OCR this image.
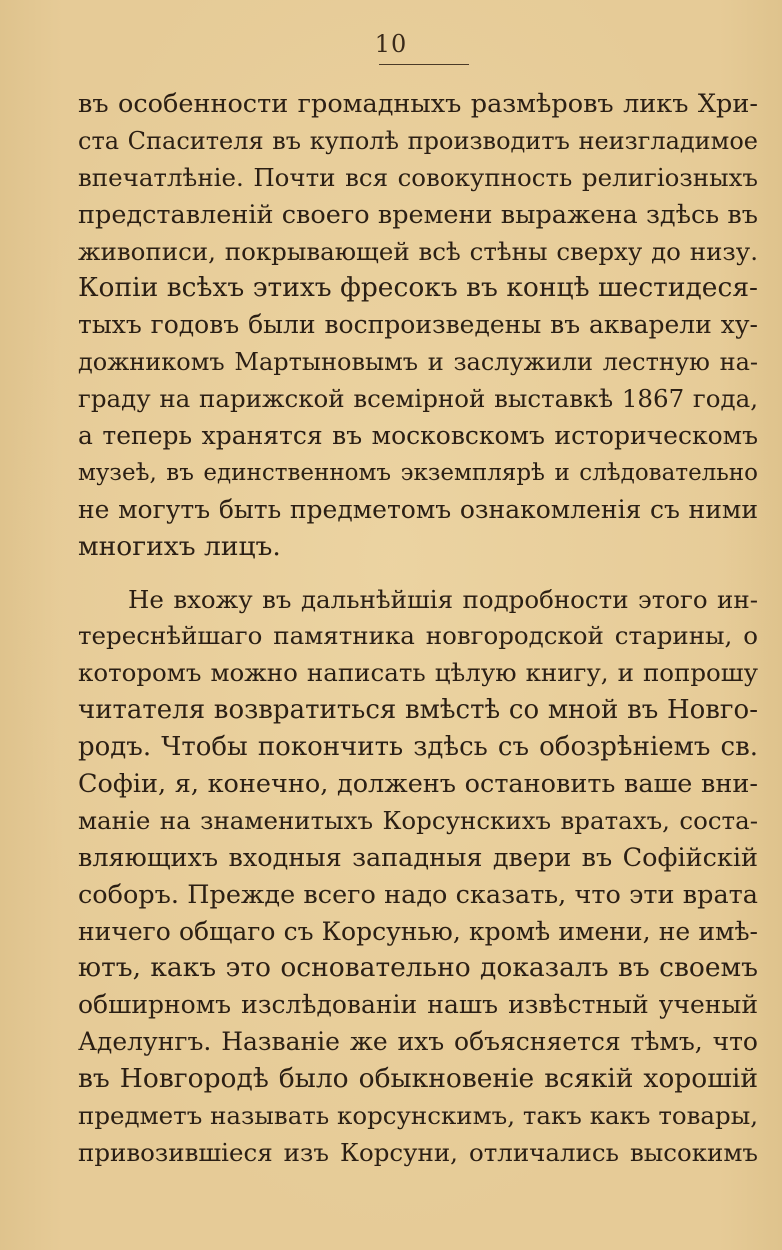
10
въ особенности громадныхъ размѣровъ ликъ Хри-
ста Спасителя въ куполѣ производитъ неизгладимое
впечатлѣніе. Почти вся совокупность религіозныхъ
представленій своего времени выражена здѣсь въ
живописи, покрывающей всѣ стѣны сверху до низу.
Копіи всѣхъ этихъ фресокъ въ концѣ шестидеся-
тыхъ годовъ были воспроизведены въ акварели ху-
дожникомъ Мартыновымъ и заслужили лестную на-
граду на парижской всемірной выставкѣ 1867 года,
а теперь хранятся въ московскомъ историческомъ
музеѣ, въ единственномъ экземплярѣ и слѣдовательно
не могутъ быть предметомъ ознакомленія съ ними
многихъ лицъ.
Не вхожу въ дальнѣйшія подробности этого ин-
тереснѣйшаго памятника новгородской старины, о
которомъ можно написать цѣлую книгу, и попрошу
читателя возвратиться вмѣстѣ со мной въ Новго-
родъ. Чтобы покончить здѣсь съ обозрѣніемъ св.
Софіи, я, конечно, долженъ остановить ваше вни-
маніе на знаменитыхъ Корсунскихъ вратахъ, соста-
вляющихъ входныя западныя двери въ Софійскій
соборъ. Прежде всего надо сказать, что эти врата
ничего общаго съ Корсунью, кромѣ имени, не имѣ-
ютъ, какъ это основательно доказалъ въ своемъ
обширномъ изслѣдованіи нашъ извѣстный ученый
Аделунгъ. Названіе же ихъ объясняется тѣмъ, что
въ Новгородѣ было обыкновеніе всякій хорошій
предметъ называть корсунскимъ, такъ какъ товары,
привозившіеся изъ Корсуни, отличались высокимъ
